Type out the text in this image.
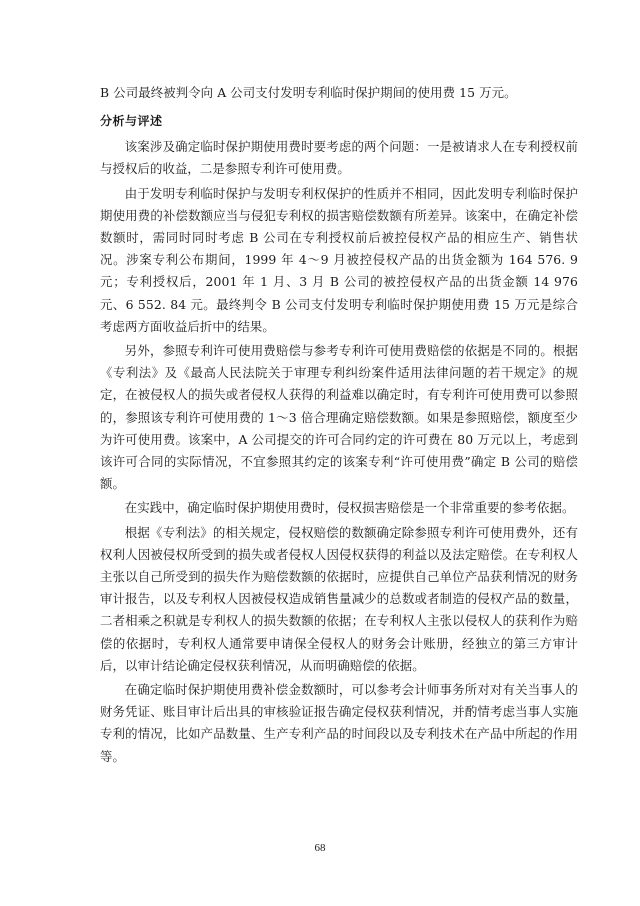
B 公司最终被判令向 A 公司支付发明专利临时保护期间的使用费 15 万元。

分析与评述

该案涉及确定临时保护期使用费时要考虑的两个问题：一是被请求人在专利授权前与授权后的收益，二是参照专利许可使用费。

由于发明专利临时保护与发明专利权保护的性质并不相同，因此发明专利临时保护期使用费的补偿数额应当与侵犯专利权的损害赔偿数额有所差异。该案中，在确定补偿数额时，需同时同时考虑 B 公司在专利授权前后被控侵权产品的相应生产、销售状况。涉案专利公布期间，1999 年 4～9 月被控侵权产品的出货金额为 164 576. 9 元；专利授权后，2001 年 1 月、3 月 B 公司的被控侵权产品的出货金额 14 976 元、6 552. 84 元。最终判令 B 公司支付发明专利临时保护期使用费 15 万元是综合考虑两方面收益后折中的结果。

另外，参照专利许可使用费赔偿与参考专利许可使用费赔偿的依据是不同的。根据《专利法》及《最高人民法院关于审理专利纠纷案件适用法律问题的若干规定》的规定，在被侵权人的损失或者侵权人获得的利益难以确定时，有专利许可使用费可以参照的，参照该专利许可使用费的 1～3 倍合理确定赔偿数额。如果是参照赔偿，额度至少为许可使用费。该案中，A 公司提交的许可合同约定的许可费在 80 万元以上，考虑到该许可合同的实际情况，不宜参照其约定的该案专利“许可使用费”确定 B 公司的赔偿额。

在实践中，确定临时保护期使用费时，侵权损害赔偿是一个非常重要的参考依据。

根据《专利法》的相关规定，侵权赔偿的数额确定除参照专利许可使用费外，还有权利人因被侵权所受到的损失或者侵权人因侵权获得的利益以及法定赔偿。在专利权人主张以自己所受到的损失作为赔偿数额的依据时，应提供自己单位产品获利情况的财务审计报告，以及专利权人因被侵权造成销售量减少的总数或者制造的侵权产品的数量，二者相乘之积就是专利权人的损失数额的依据；在专利权人主张以侵权人的获利作为赔偿的依据时，专利权人通常要申请保全侵权人的财务会计账册，经独立的第三方审计后，以审计结论确定侵权获利情况，从而明确赔偿的依据。

在确定临时保护期使用费补偿金数额时，可以参考会计师事务所对对有关当事人的财务凭证、账目审计后出具的审核验证报告确定侵权获利情况，并酌情考虑当事人实施专利的情况，比如产品数量、生产专利产品的时间段以及专利技术在产品中所起的作用等。

68
